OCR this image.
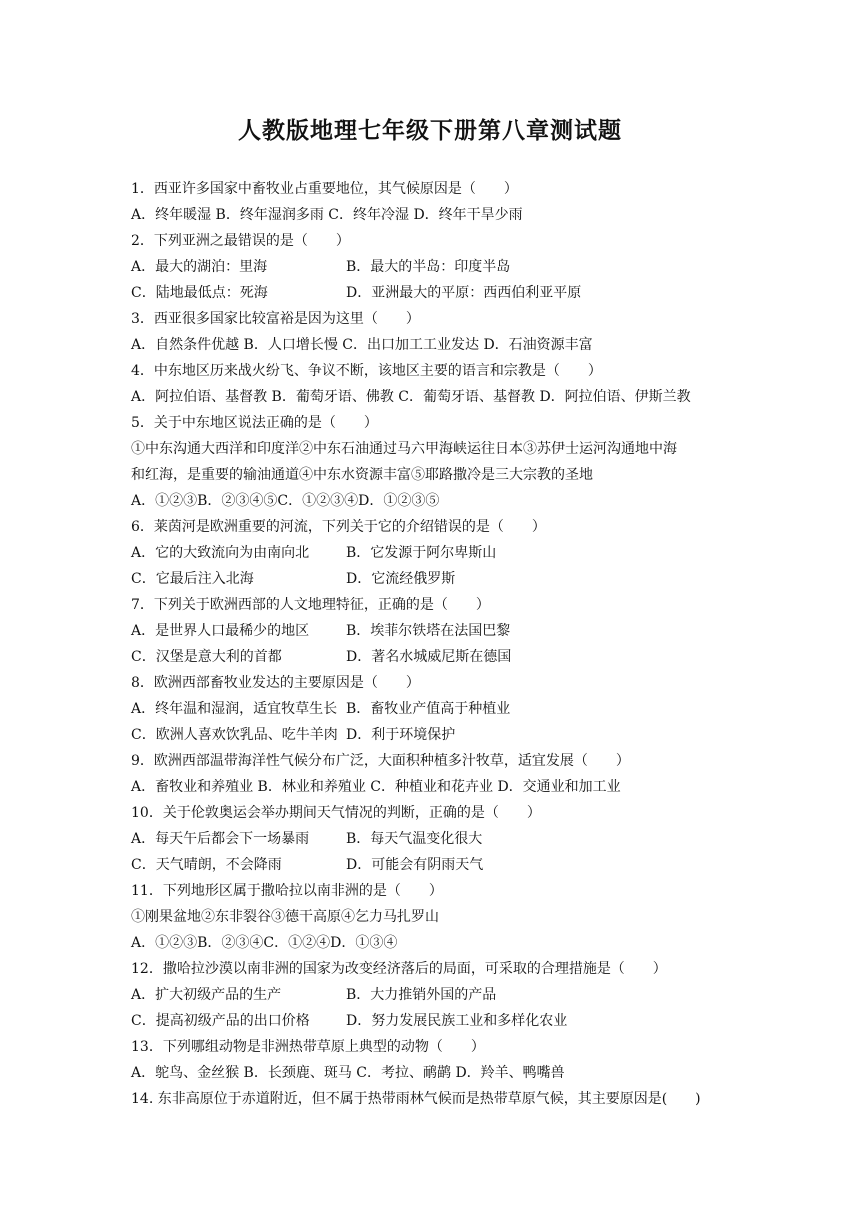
人教版地理七年级下册第八章测试题
1．西亚许多国家中畜牧业占重要地位，其气候原因是（　　）
A．终年暖湿 B．终年湿润多雨 C．终年冷湿 D．终年干旱少雨
2．下列亚洲之最错误的是（　　）
A．最大的湖泊：里海	B．最大的半岛：印度半岛
C．陆地最低点：死海	D．亚洲最大的平原：西西伯利亚平原
3．西亚很多国家比较富裕是因为这里（　　）
A．自然条件优越 B．人口增长慢 C．出口加工工业发达 D．石油资源丰富
4．中东地区历来战火纷飞、争议不断，该地区主要的语言和宗教是（　　）
A．阿拉伯语、基督教 B．葡萄牙语、佛教 C．葡萄牙语、基督教 D．阿拉伯语、伊斯兰教
5．关于中东地区说法正确的是（　　）
①中东沟通大西洋和印度洋②中东石油通过马六甲海峡运往日本③苏伊士运河沟通地中海
和红海，是重要的输油通道④中东水资源丰富⑤耶路撒冷是三大宗教的圣地
A．①②③B．②③④⑤C．①②③④D．①②③⑤
6．莱茵河是欧洲重要的河流，下列关于它的介绍错误的是（　　）
A．它的大致流向为由南向北	B．它发源于阿尔卑斯山
C．它最后注入北海	D．它流经俄罗斯
7．下列关于欧洲西部的人文地理特征，正确的是（　　）
A．是世界人口最稀少的地区	B．埃菲尔铁塔在法国巴黎
C．汉堡是意大利的首都	D．著名水城威尼斯在德国
8．欧洲西部畜牧业发达的主要原因是（　　）
A．终年温和湿润，适宜牧草生长 B．畜牧业产值高于种植业
C．欧洲人喜欢饮乳品、吃牛羊肉 D．利于环境保护
9．欧洲西部温带海洋性气候分布广泛，大面积种植多汁牧草，适宜发展（　　）
A．畜牧业和养殖业 B．林业和养殖业 C．种植业和花卉业 D．交通业和加工业
10．关于伦敦奥运会举办期间天气情况的判断，正确的是（　　）
A．每天午后都会下一场暴雨	B．每天气温变化很大
C．天气晴朗，不会降雨	D．可能会有阴雨天气
11．下列地形区属于撒哈拉以南非洲的是（　　）
①刚果盆地②东非裂谷③德干高原④乞力马扎罗山
A．①②③B．②③④C．①②④D．①③④
12．撒哈拉沙漠以南非洲的国家为改变经济落后的局面，可采取的合理措施是（　　）
A．扩大初级产品的生产	B．大力推销外国的产品
C．提高初级产品的出口价格	D．努力发展民族工业和多样化农业
13．下列哪组动物是非洲热带草原上典型的动物（　　）
A．鸵鸟、金丝猴 B．长颈鹿、斑马 C．考拉、鸸鹋 D．羚羊、鸭嘴兽
14. 东非高原位于赤道附近，但不属于热带雨林气候而是热带草原气候，其主要原因是(　　)
